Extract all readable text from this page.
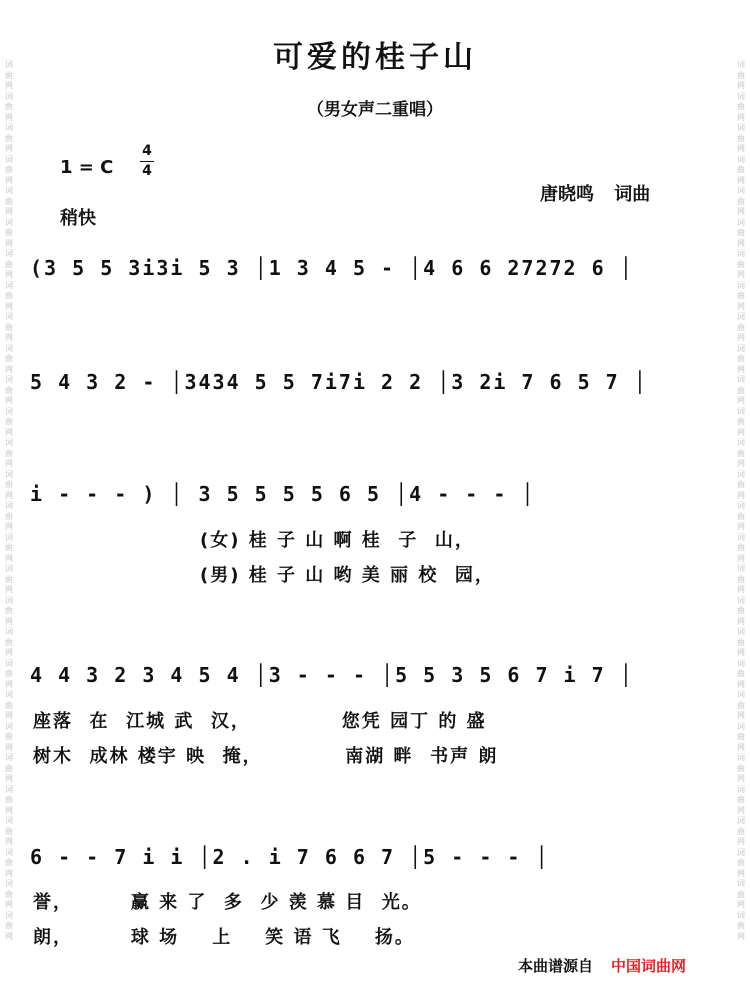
词曲网词曲网词曲网词曲网词曲网词曲网词曲网词曲网词曲网词曲网词曲网词曲网词曲网词曲网词曲网词曲网词曲网词曲网词曲网词曲网词曲网词曲网词曲网词曲网词曲网词曲网词曲网词曲网
词曲网词曲网词曲网词曲网词曲网词曲网词曲网词曲网词曲网词曲网词曲网词曲网词曲网词曲网词曲网词曲网词曲网词曲网词曲网词曲网词曲网词曲网词曲网词曲网词曲网词曲网词曲网词曲网
可爱的桂子山
（男女声二重唱）
1 = C
4
4
稍快
唐晓鸣 词曲
(3 5 5 3i3i 5 3 │1 3 4 5 - │4 6 6 27272 6 │
5 4 3 2 - │3434 5 5 7i7i 2 2 │3 2i 7 6 5 7 │
i - - - ) │ 3 5 5 5 5 6 5 │4 - - - │
(女) 桂 子 山 啊 桂  子  山，
(男) 桂 子 山 哟 美 丽 校  园，
4 4 3 2 3 4 5 4 │3 - - - │5 5 3 5 6 7 i 7 │
座落  在  江城 武  汉，           您凭 园丁 的 盛
树木  成林 楼宇 映  掩，          南湖 畔  书声 朗
6 - - 7 i i │2 . i 7 6 6 7 │5 - - - │
誉，       赢 来 了  多  少 羡 慕 目  光。
朗，       球 场    上    笑 语 飞    扬。
本曲谱源自 中国词曲网
